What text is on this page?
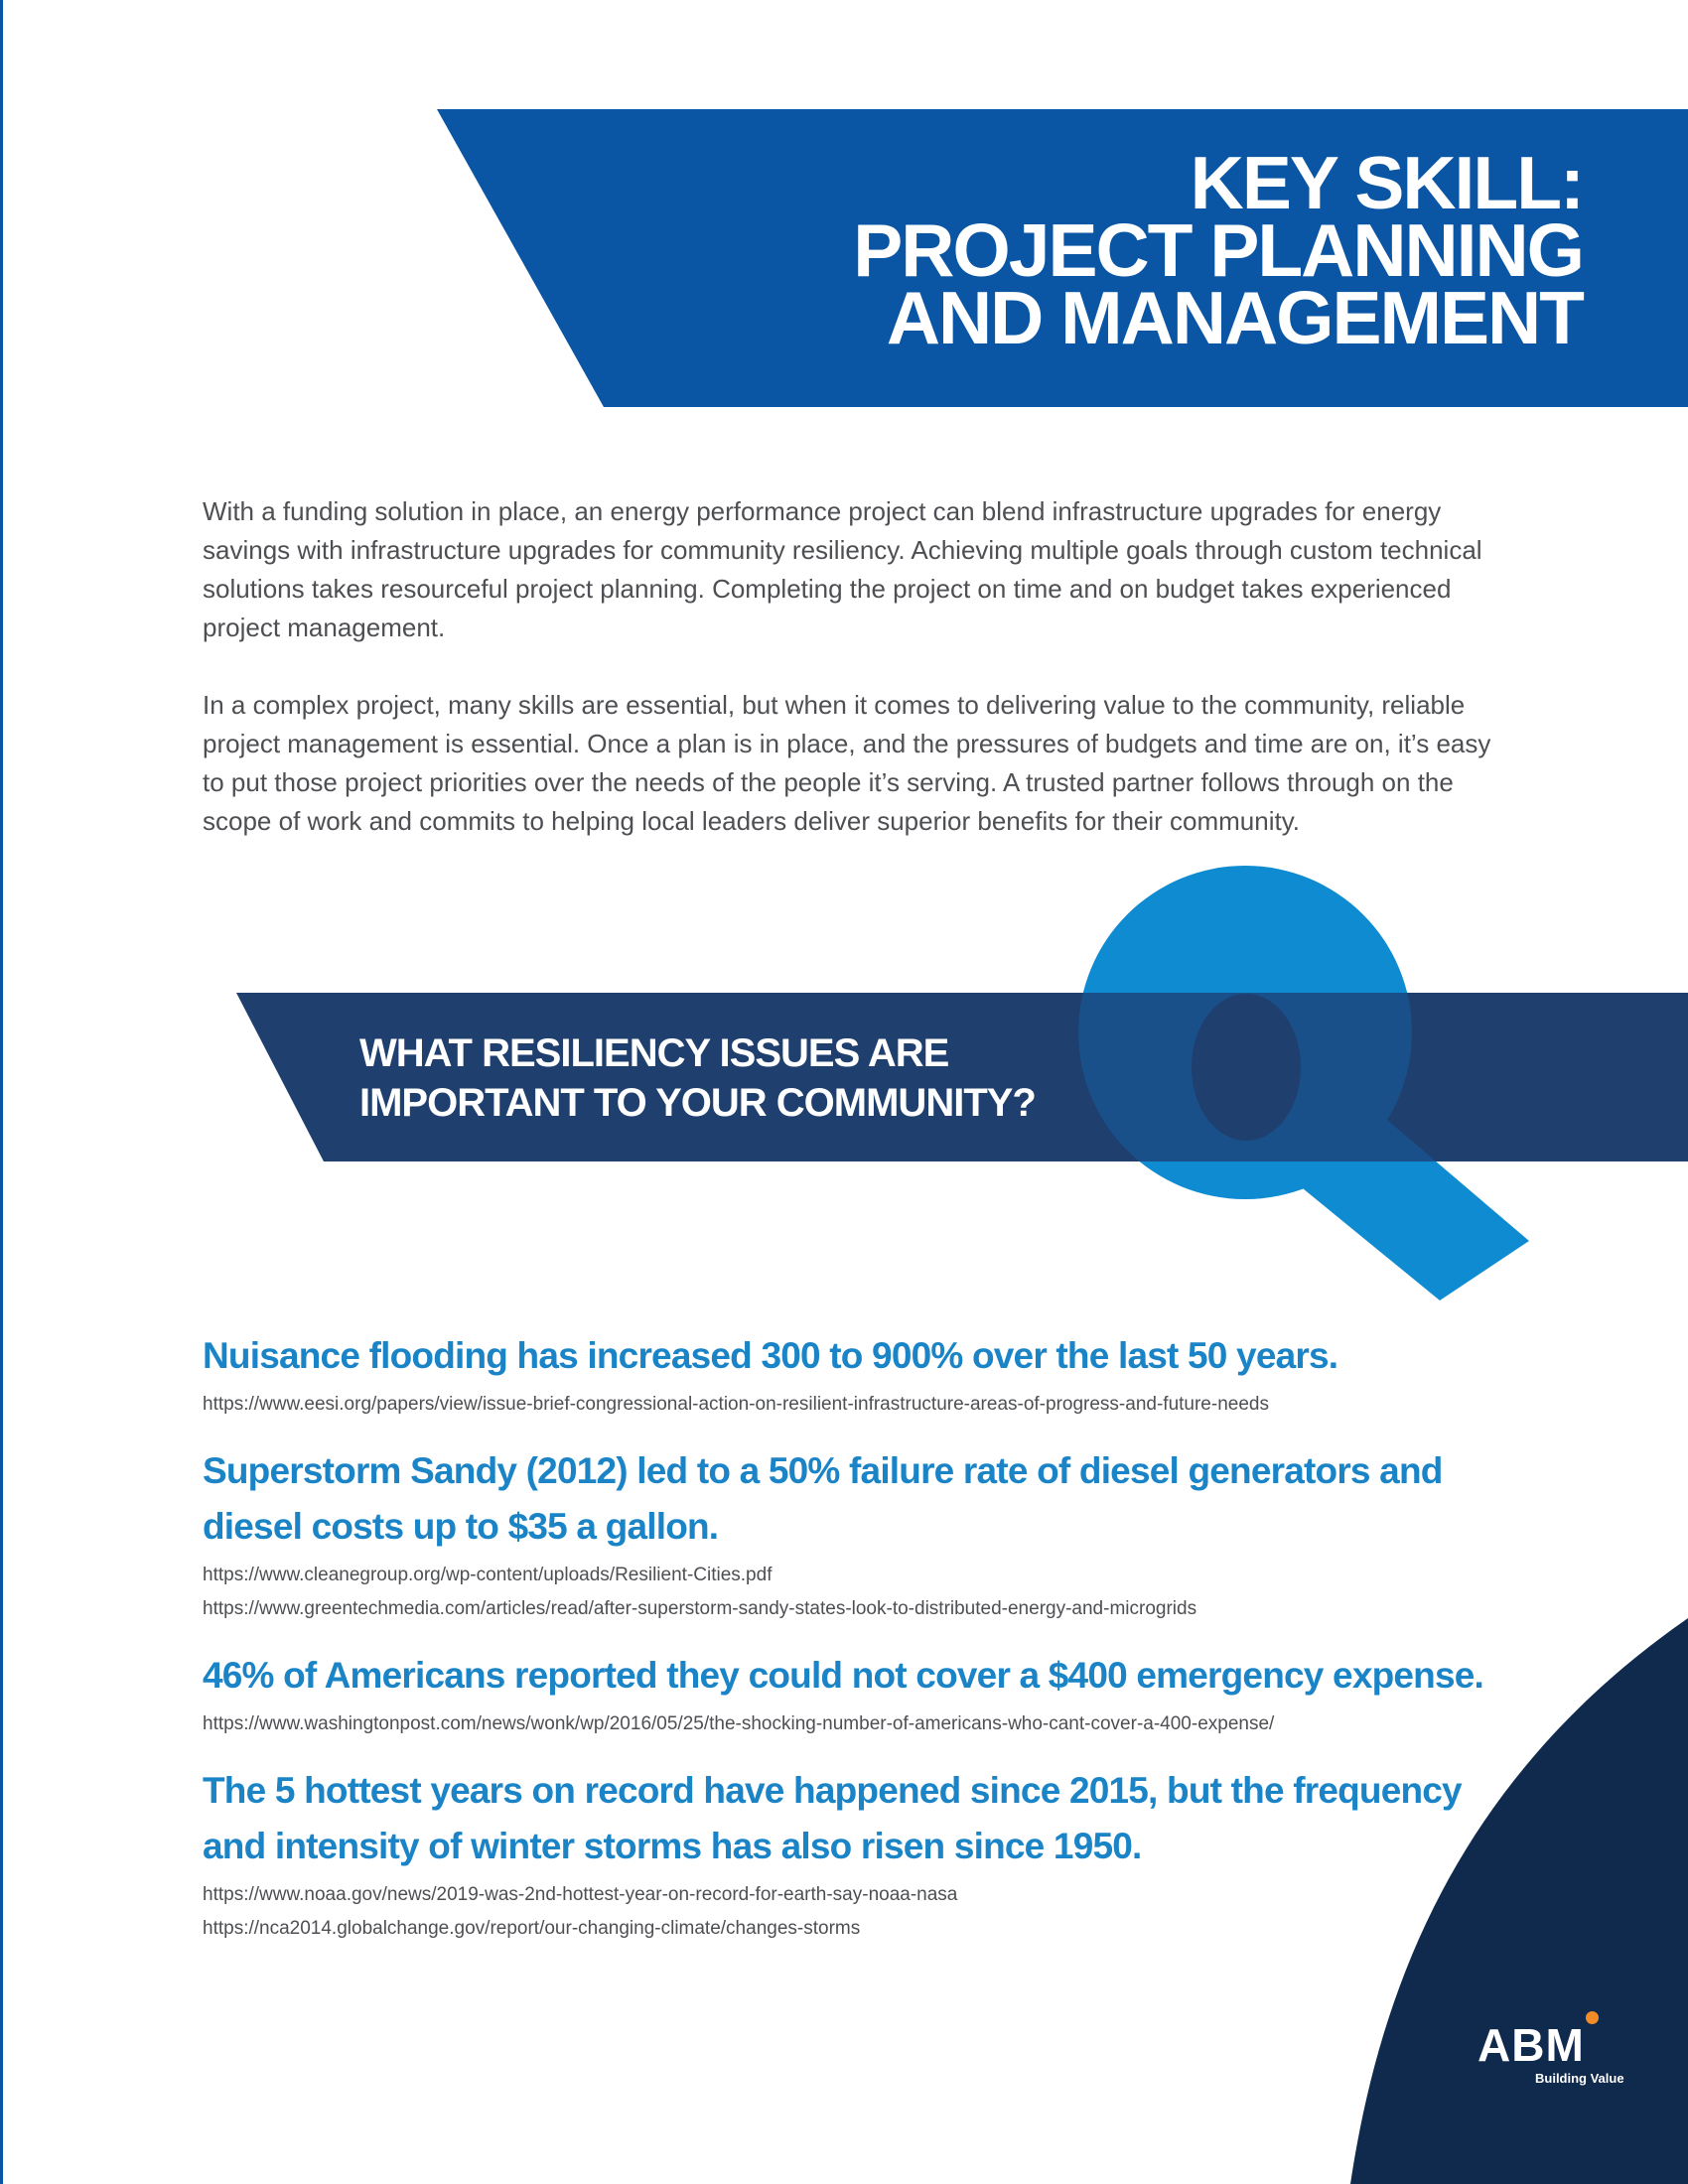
KEY SKILL:
PROJECT PLANNING
AND MANAGEMENT

With a funding solution in place, an energy performance project can blend infrastructure upgrades for energy savings with infrastructure upgrades for community resiliency. Achieving multiple goals through custom technical solutions takes resourceful project planning. Completing the project on time and on budget takes experienced project management.

In a complex project, many skills are essential, but when it comes to delivering value to the community, reliable project management is essential. Once a plan is in place, and the pressures of budgets and time are on, it’s easy to put those project priorities over the needs of the people it’s serving. A trusted partner follows through on the scope of work and commits to helping local leaders deliver superior benefits for their community.

WHAT RESILIENCY ISSUES ARE
IMPORTANT TO YOUR COMMUNITY?
Nuisance flooding has increased 300 to 900% over the last 50 years.
https://www.eesi.org/papers/view/issue-brief-congressional-action-on-resilient-infrastructure-areas-of-progress-and-future-needs
Superstorm Sandy (2012) led to a 50% failure rate of diesel generators and diesel costs up to $35 a gallon.
https://www.cleanegroup.org/wp-content/uploads/Resilient-Cities.pdf
https://www.greentechmedia.com/articles/read/after-superstorm-sandy-states-look-to-distributed-energy-and-microgrids
46% of Americans reported they could not cover a $400 emergency expense.
https://www.washingtonpost.com/news/wonk/wp/2016/05/25/the-shocking-number-of-americans-who-cant-cover-a-400-expense/
The 5 hottest years on record have happened since 2015, but the frequency and intensity of winter storms has also risen since 1950.
https://www.noaa.gov/news/2019-was-2nd-hottest-year-on-record-for-earth-say-noaa-nasa
https://nca2014.globalchange.gov/report/our-changing-climate/changes-storms
ABM
Building Value
